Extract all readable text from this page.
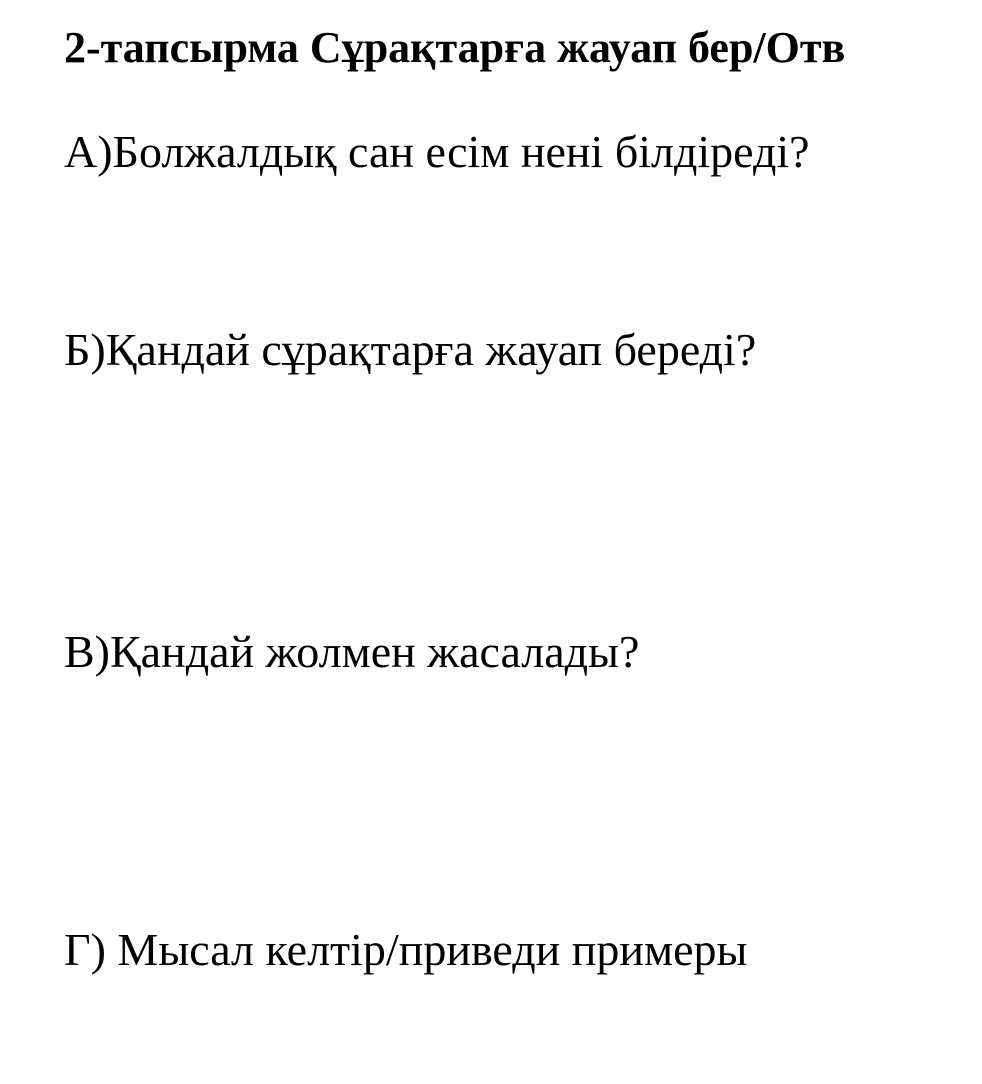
2-тапсырма Сұрақтарға жауап бер/Отв
А)Болжалдық сан есім нені білдіреді?
Б)Қандай сұрақтарға жауап береді?
В)Қандай жолмен жасалады?
Г) Мысал келтір/приведи примеры
